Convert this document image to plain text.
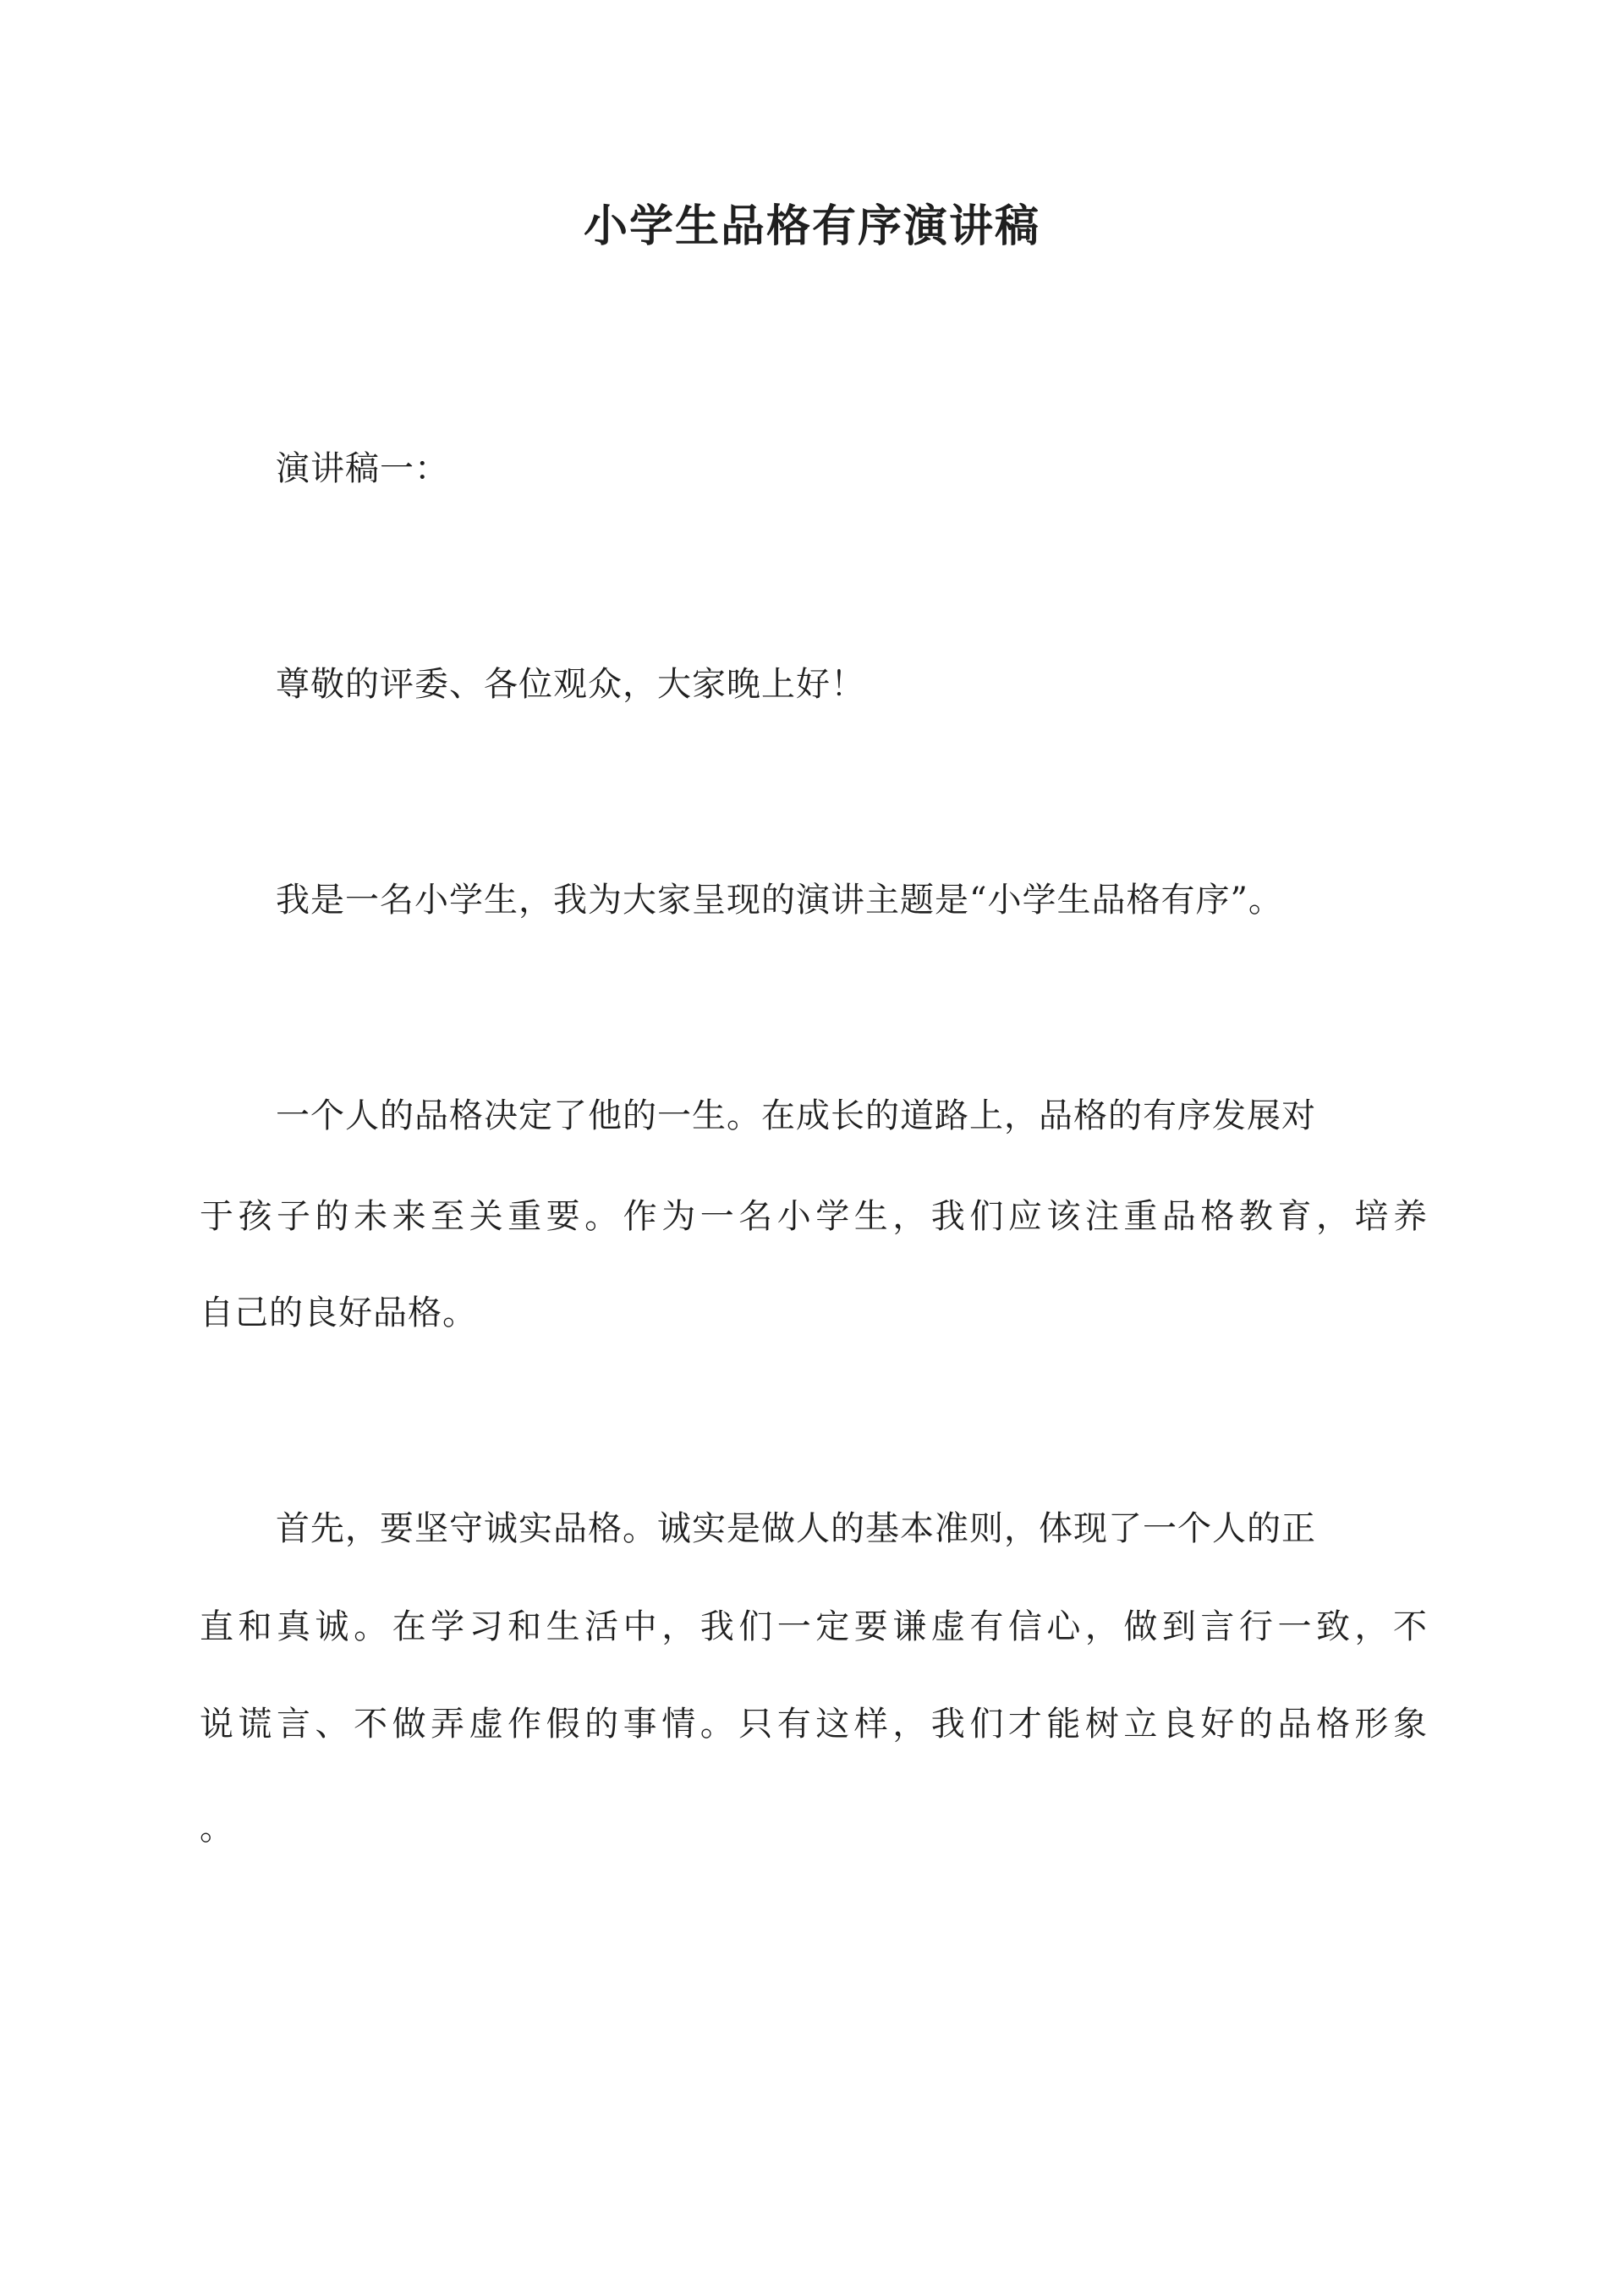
小学生品格有序演讲稿

演讲稿一：

尊敬的评委、各位观众，大家晚上好！

我是一名小学生，我为大家呈现的演讲主题是“小学生品格有序”。

一个人的品格决定了他的一生。在成长的道路上，品格的有序发展对

于孩子的未来至关重要。作为一名小学生，我们应该注重品格教育，培养

自己的良好品格。

首先，要坚守诚实品格。诚实是做人的基本准则，体现了一个人的正

直和真诚。在学习和生活中，我们一定要谦虚有信心，做到言行一致，不

说谎言、不做弄虚作假的事情。只有这样，我们才能树立良好的品格形象

。
